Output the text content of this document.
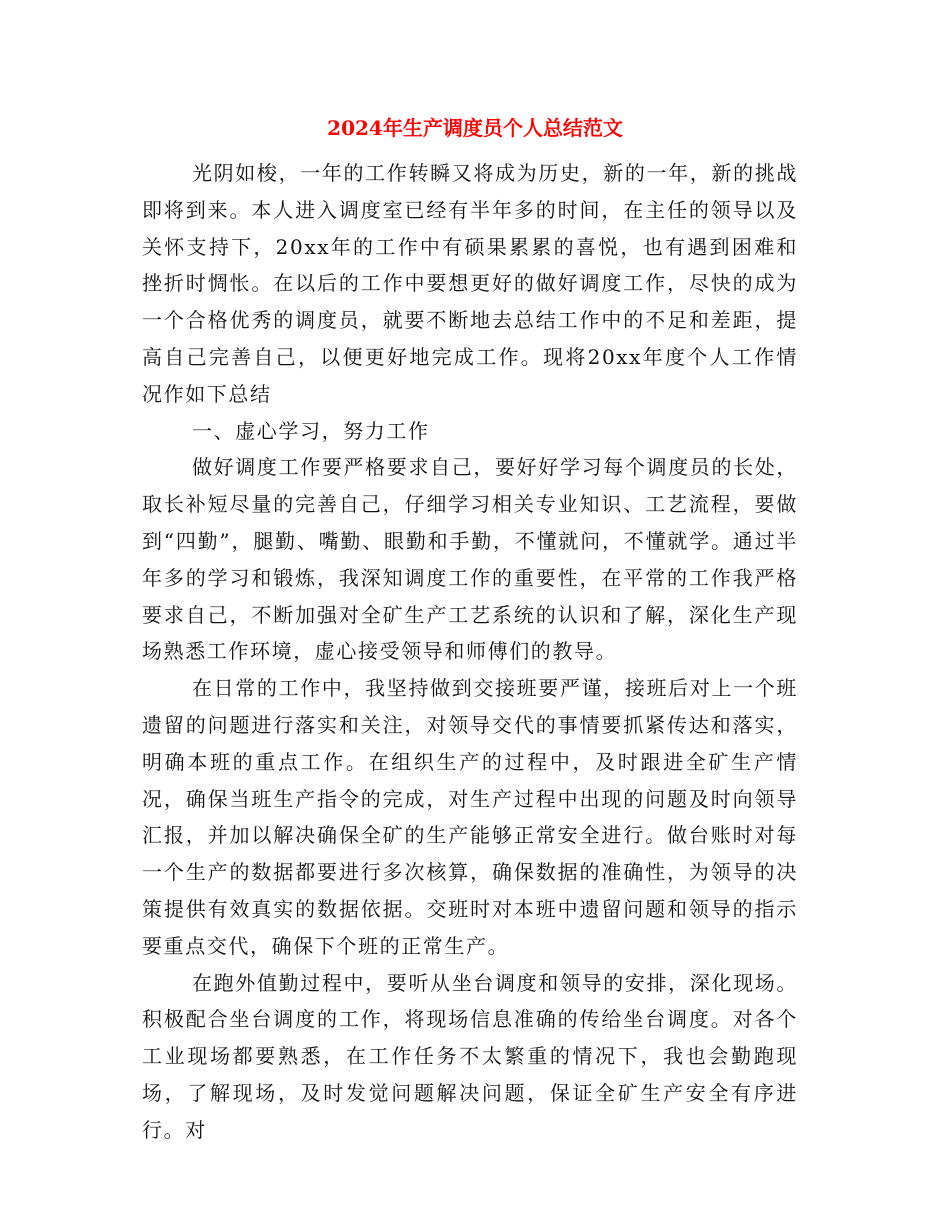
2024年生产调度员个人总结范文

光阴如梭，一年的工作转瞬又将成为历史，新的一年，新的挑战即将到来。本人进入调度室已经有半年多的时间，在主任的领导以及关怀支持下，20xx年的工作中有硕果累累的喜悦，也有遇到困难和挫折时惆怅。在以后的工作中要想更好的做好调度工作，尽快的成为一个合格优秀的调度员，就要不断地去总结工作中的不足和差距，提高自己完善自己，以便更好地完成工作。现将20xx年度个人工作情况作如下总结

一、虚心学习，努力工作

做好调度工作要严格要求自己，要好好学习每个调度员的长处，取长补短尽量的完善自己，仔细学习相关专业知识、工艺流程，要做到“四勤”，腿勤、嘴勤、眼勤和手勤，不懂就问，不懂就学。通过半年多的学习和锻炼，我深知调度工作的重要性，在平常的工作我严格要求自己，不断加强对全矿生产工艺系统的认识和了解，深化生产现场熟悉工作环境，虚心接受领导和师傅们的教导。

在日常的工作中，我坚持做到交接班要严谨，接班后对上一个班遗留的问题进行落实和关注，对领导交代的事情要抓紧传达和落实，明确本班的重点工作。在组织生产的过程中，及时跟进全矿生产情况，确保当班生产指令的完成，对生产过程中出现的问题及时向领导汇报，并加以解决确保全矿的生产能够正常安全进行。做台账时对每一个生产的数据都要进行多次核算，确保数据的准确性，为领导的决策提供有效真实的数据依据。交班时对本班中遗留问题和领导的指示要重点交代，确保下个班的正常生产。

在跑外值勤过程中，要听从坐台调度和领导的安排，深化现场。积极配合坐台调度的工作，将现场信息准确的传给坐台调度。对各个工业现场都要熟悉，在工作任务不太繁重的情况下，我也会勤跑现场，了解现场，及时发觉问题解决问题，保证全矿生产安全有序进行。对
